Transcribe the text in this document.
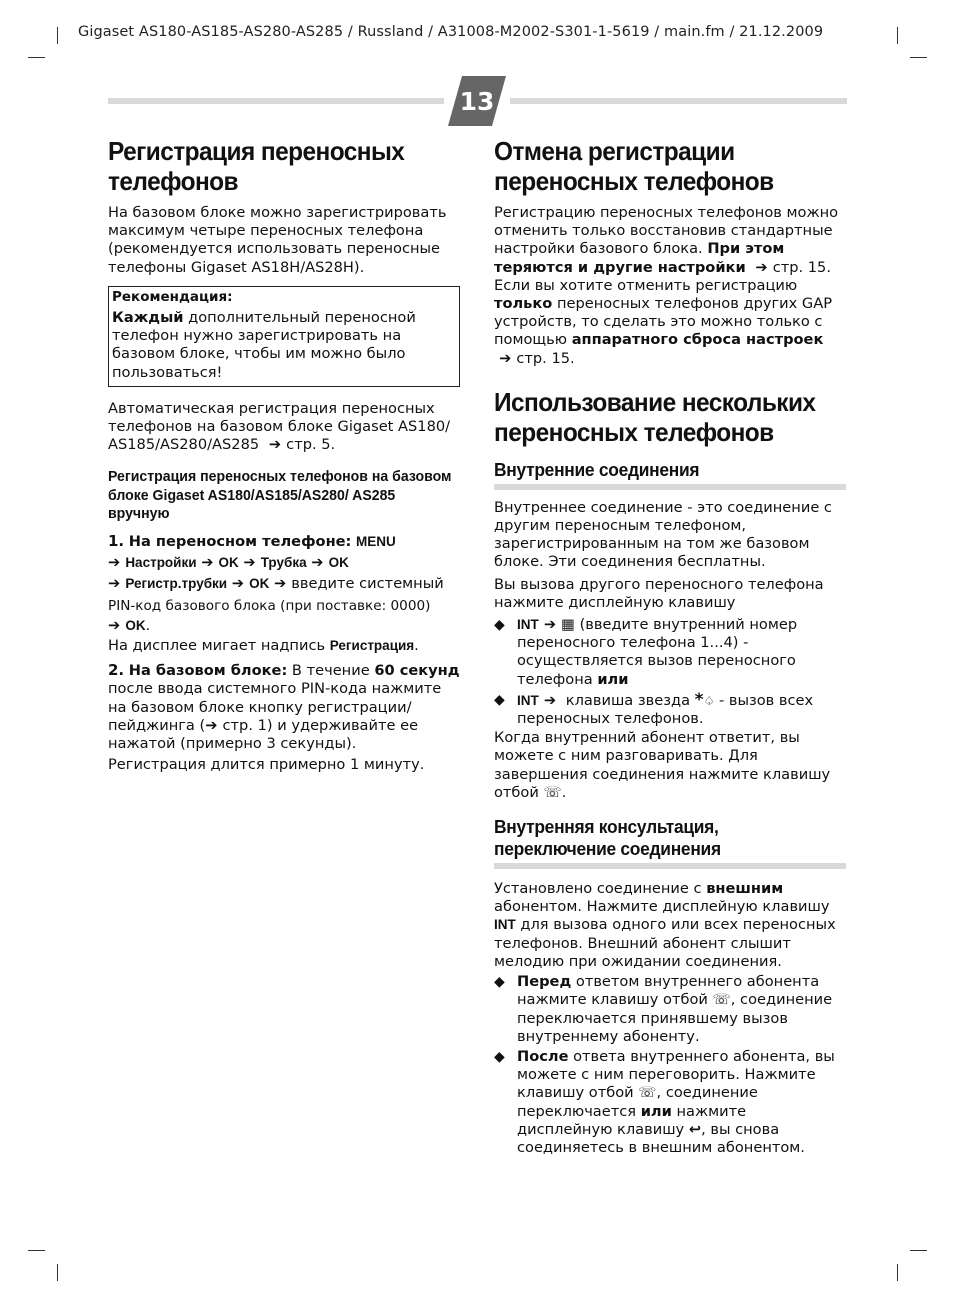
Gigaset AS180-AS185-AS280-AS285 / Russland / A31008-M2002-S301-1-5619 / main.fm / 21.12.2009
13
Регистрация переносных
телефонов

На базовом блоке можно зарегистрировать максимум четыре переносных телефона (рекомендуется использовать переносные телефоны Gigaset AS18H/AS28H).

Рекомендация:

Каждый дополнительный переносной телефон нужно зарегистрировать на базовом блоке, чтобы им можно было пользоваться!

Автоматическая регистрация переносных телефонов на базовом блоке Gigaset AS180/ AS185/AS280/AS285  ➔ стр. 5.

Регистрация переносных телефонов на базовом блоке Gigaset AS180/AS185/AS280/ AS285 вручную
1. На переносном телефоне: MENU
➔ Настройки ➔ OK ➔ Трубка ➔ OK
➔ Регистр.трубки ➔ OK ➔ введите системный
PIN-код базового блока (при поставке: 0000)
➔ OK.
На дисплее мигает надпись Регистрация.

2. На базовом блоке: В течение 60 секунд после ввода системного PIN-кода нажмите на базовом блоке кнопку регистрации/пейджинга (➔ стр. 1) и удерживайте ее нажатой (примерно 3 секунды).

Регистрация длится примерно 1 минуту.

Отмена регистрации
переносных телефонов

Регистрацию переносных телефонов можно отменить только восстановив стандартные настройки базового блока. При этом теряются и другие настройки  ➔ стр. 15. Если вы хотите отменить регистрацию только переносных телефонов других GAP устройств, то сделать это можно только с помощью аппаратного сброса настроек  ➔ стр. 15.

Использование нескольких
переносных телефонов
Внутренние соединения

Внутреннее соединение - это соединение с другим переносным телефоном, зарегистрированным на том же базовом блоке. Эти соединения бесплатны.

Вы вызова другого переносного телефона нажмите дисплейную клавишу

◆ INT ➔ ▦ (введите внутренний номер переносного телефона 1...4) - осуществляется вызов переносного телефона или
◆ INT ➔  клавиша звезда *♤ - вызов всех переносных телефонов.

Когда внутренний абонент ответит, вы можете с ним разговаривать. Для завершения соединения нажмите клавишу отбой ☏.

Внутренняя консультация,
переключение соединения

Установлено соединение с внешним абонентом. Нажмите дисплейную клавишу INT для вызова одного или всех переносных телефонов. Внешний абонент слышит мелодию при ожидании соединения.

◆ Перед ответом внутреннего абонента нажмите клавишу отбой ☏, соединение переключается принявшему вызов внутреннему абоненту.
◆ После ответа внутреннего абонента, вы можете с ним переговорить. Нажмите клавишу отбой ☏, соединение переключается или нажмите дисплейную клавишу ↩, вы снова соединяетесь в внешним абонентом.
